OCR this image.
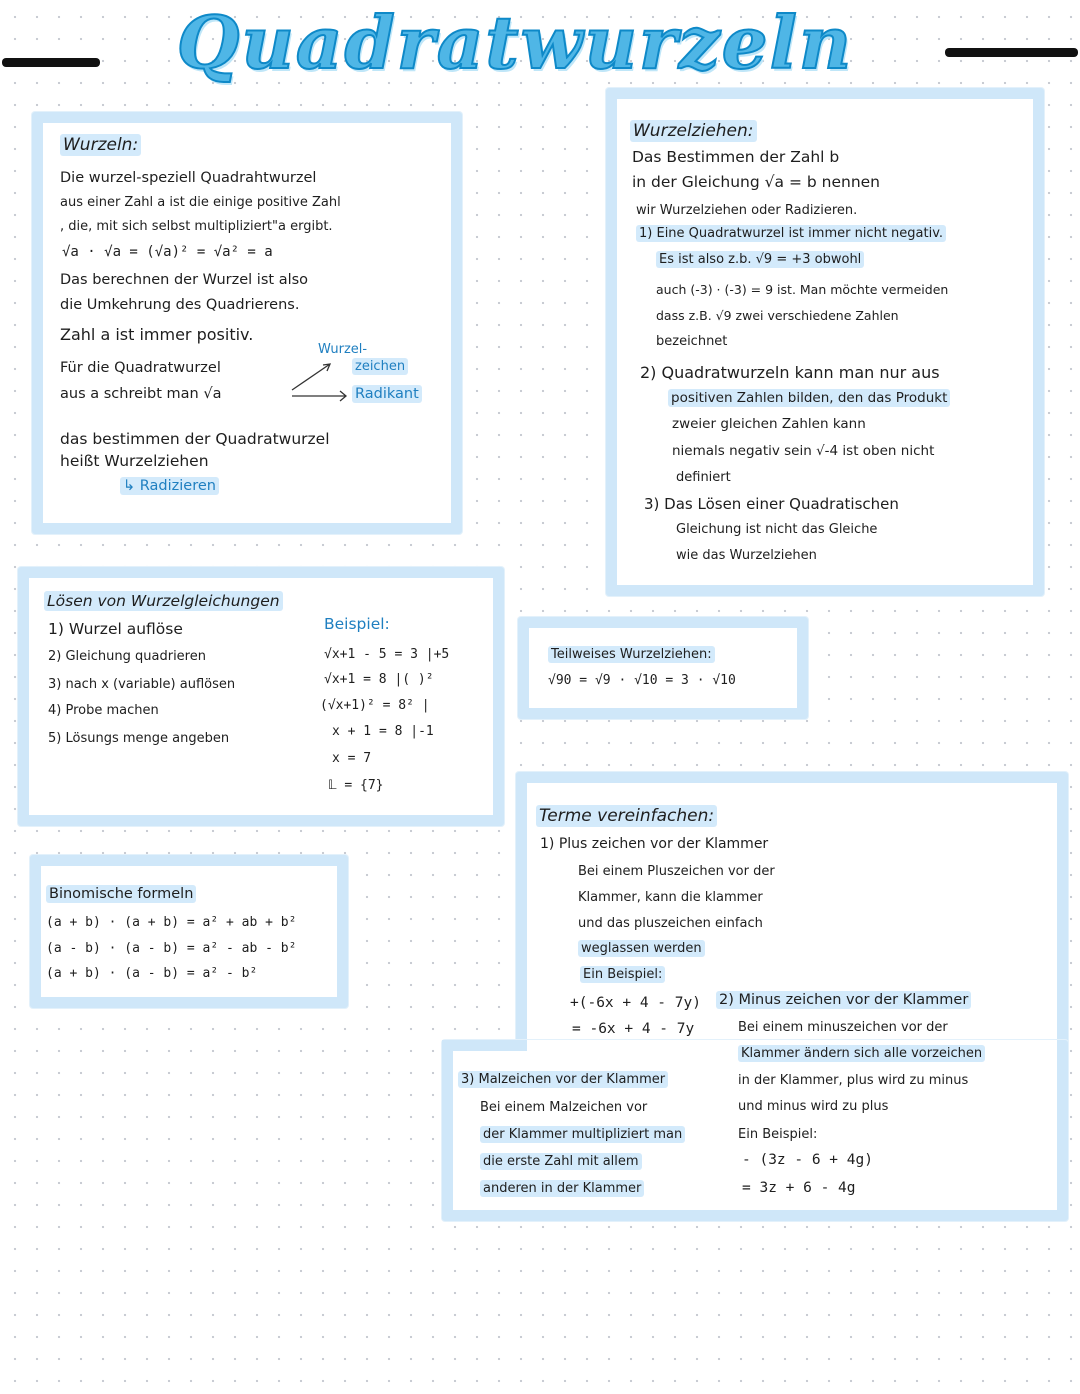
Quadratwurzeln
Wurzeln:
Die wurzel-speziell Quadrahtwurzel
aus einer Zahl a ist die einige positive Zahl
, die, mit sich selbst multipliziert"a ergibt.
√a · √a = (√a)² = √a² = a
Das berechnen der Wurzel ist also
die Umkehrung des Quadrierens.
Zahl a ist immer positiv.
Für die Quadratwurzel
aus a schreibt man √a
Wurzel-
zeichen
Radikant
das bestimmen der Quadratwurzel
heißt Wurzelziehen
↳ Radizieren
Wurzelziehen:
Das Bestimmen der Zahl b
in der Gleichung √a = b nennen
wir Wurzelziehen oder Radizieren.
1) Eine Quadratwurzel ist immer nicht negativ.
Es ist also z.b. √9 = +3 obwohl
auch (-3) · (-3) = 9 ist. Man möchte vermeiden
dass z.B. √9 zwei verschiedene Zahlen
bezeichnet
2) Quadratwurzeln kann man nur aus
positiven Zahlen bilden, den das Produkt
zweier gleichen Zahlen kann
niemals negativ sein √-4 ist oben nicht
definiert
3) Das Lösen einer Quadratischen
Gleichung ist nicht das Gleiche
wie das Wurzelziehen
Lösen von Wurzelgleichungen
1) Wurzel auflöse
2) Gleichung quadrieren
3) nach x (variable) auflösen
4) Probe machen
5) Lösungs menge angeben
Beispiel:
√x+1 - 5 = 3 |+5
√x+1 = 8 |( )²
(√x+1)² = 8² |
x + 1 = 8 |-1
x = 7
𝕃 = {7}
Teilweises Wurzelziehen:
√90 = √9 · √10 = 3 · √10
Binomische formeln
(a + b) · (a + b) = a² + ab + b²
(a - b) · (a - b) = a² - ab - b²
(a + b) · (a - b) = a² - b²
Terme vereinfachen:
1) Plus zeichen vor der Klammer
Bei einem Pluszeichen vor der
Klammer, kann die klammer
und das pluszeichen einfach
weglassen werden
Ein Beispiel:
+(-6x + 4 - 7y)
= -6x + 4 - 7y
2) Minus zeichen vor der Klammer
Bei einem minuszeichen vor der
Klammer ändern sich alle vorzeichen
in der Klammer, plus wird zu minus
und minus wird zu plus
Ein Beispiel:
- (3z - 6 + 4g)
= 3z + 6 - 4g
3) Malzeichen vor der Klammer
Bei einem Malzeichen vor
der Klammer multipliziert man
die erste Zahl mit allem
anderen in der Klammer
